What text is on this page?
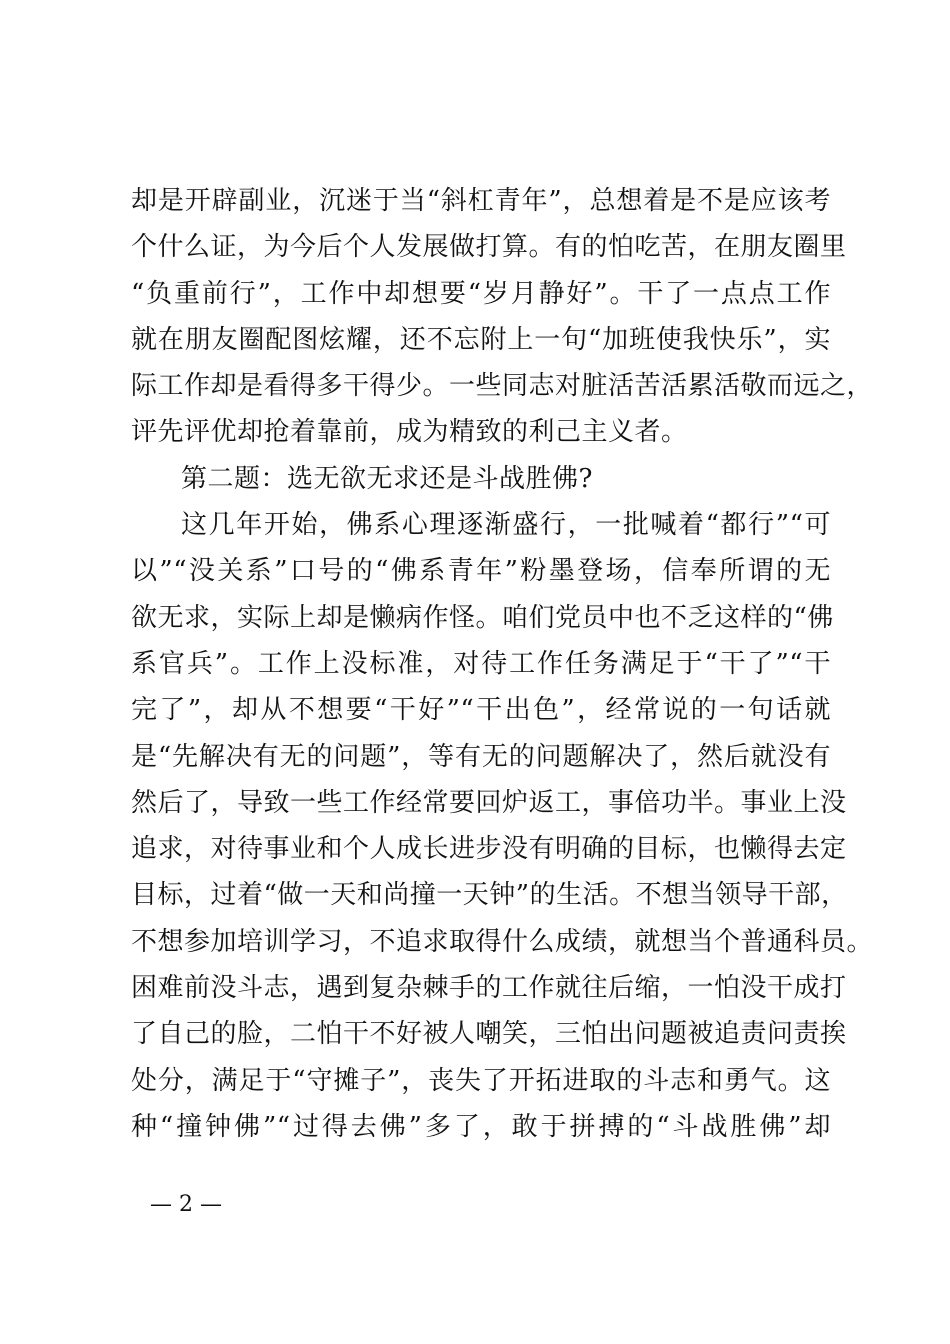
却是开辟副业，沉迷于当“斜杠青年”，总想着是不是应该考
个什么证，为今后个人发展做打算。有的怕吃苦，在朋友圈里
“负重前行”，工作中却想要“岁月静好”。干了一点点工作
就在朋友圈配图炫耀，还不忘附上一句“加班使我快乐”，实
际工作却是看得多干得少。一些同志对脏活苦活累活敬而远之，
评先评优却抢着靠前，成为精致的利己主义者。
第二题：选无欲无求还是斗战胜佛?
这几年开始，佛系心理逐渐盛行，一批喊着“都行”“可
以”“没关系”口号的“佛系青年”粉墨登场，信奉所谓的无
欲无求，实际上却是懒病作怪。咱们党员中也不乏这样的“佛
系官兵”。工作上没标准，对待工作任务满足于“干了”“干
完了”，却从不想要“干好”“干出色”，经常说的一句话就
是“先解决有无的问题”，等有无的问题解决了，然后就没有
然后了，导致一些工作经常要回炉返工，事倍功半。事业上没
追求，对待事业和个人成长进步没有明确的目标，也懒得去定
目标，过着“做一天和尚撞一天钟”的生活。不想当领导干部，
不想参加培训学习，不追求取得什么成绩，就想当个普通科员。
困难前没斗志，遇到复杂棘手的工作就往后缩，一怕没干成打
了自己的脸，二怕干不好被人嘲笑，三怕出问题被追责问责挨
处分，满足于“守摊子”，丧失了开拓进取的斗志和勇气。这
种“撞钟佛”“过得去佛”多了，敢于拼搏的“斗战胜佛”却
— 2 —
